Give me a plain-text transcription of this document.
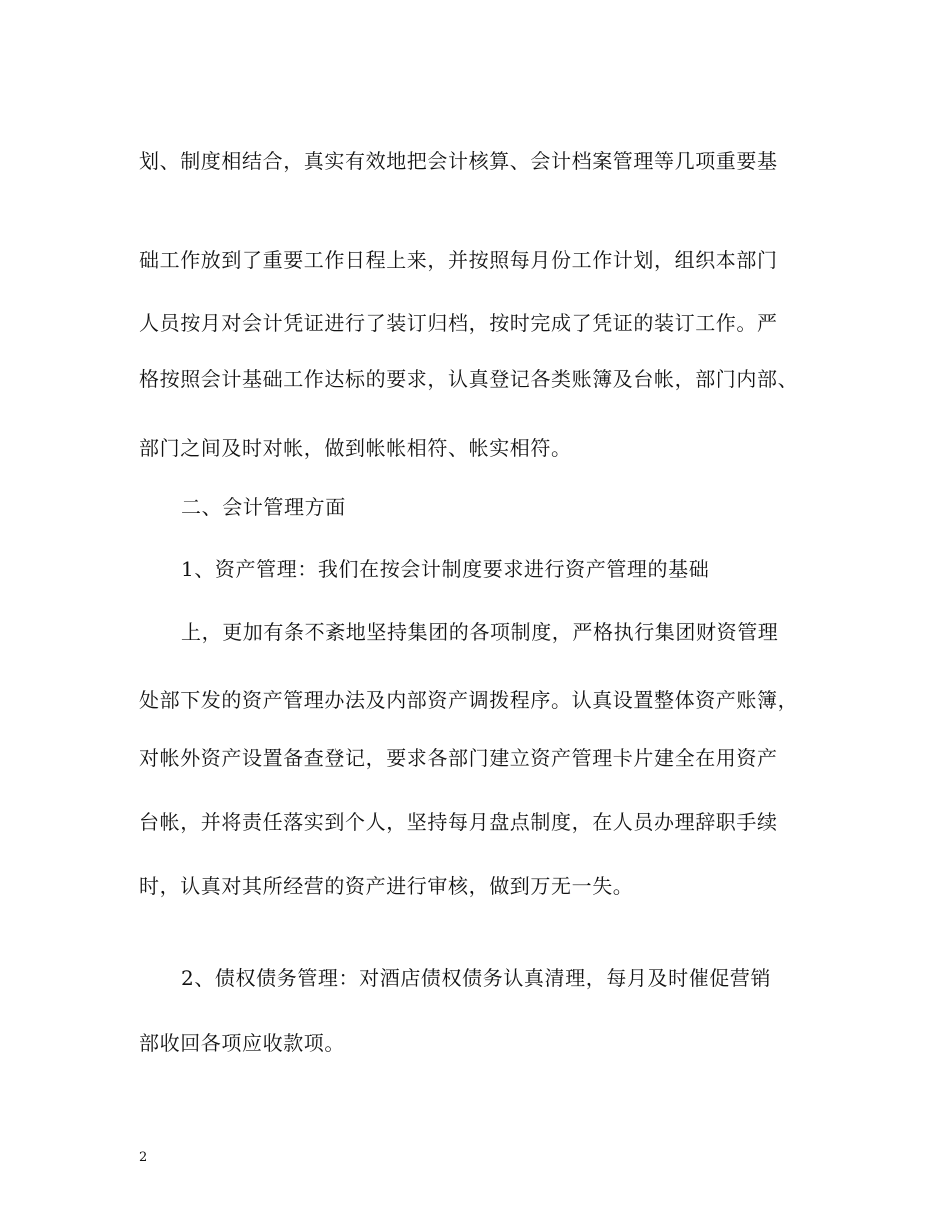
划、制度相结合，真实有效地把会计核算、会计档案管理等几项重要基
础工作放到了重要工作日程上来，并按照每月份工作计划，组织本部门
人员按月对会计凭证进行了装订归档，按时完成了凭证的装订工作。严
格按照会计基础工作达标的要求，认真登记各类账簿及台帐，部门内部、
部门之间及时对帐，做到帐帐相符、帐实相符。
二、会计管理方面
1、资产管理：我们在按会计制度要求进行资产管理的基础
上，更加有条不紊地坚持集团的各项制度，严格执行集团财资管理
处部下发的资产管理办法及内部资产调拨程序。认真设置整体资产账簿，
对帐外资产设置备查登记，要求各部门建立资产管理卡片建全在用资产
台帐，并将责任落实到个人，坚持每月盘点制度，在人员办理辞职手续
时，认真对其所经营的资产进行审核，做到万无一失。
2、债权债务管理：对酒店债权债务认真清理，每月及时催促营销
部收回各项应收款项。
2
